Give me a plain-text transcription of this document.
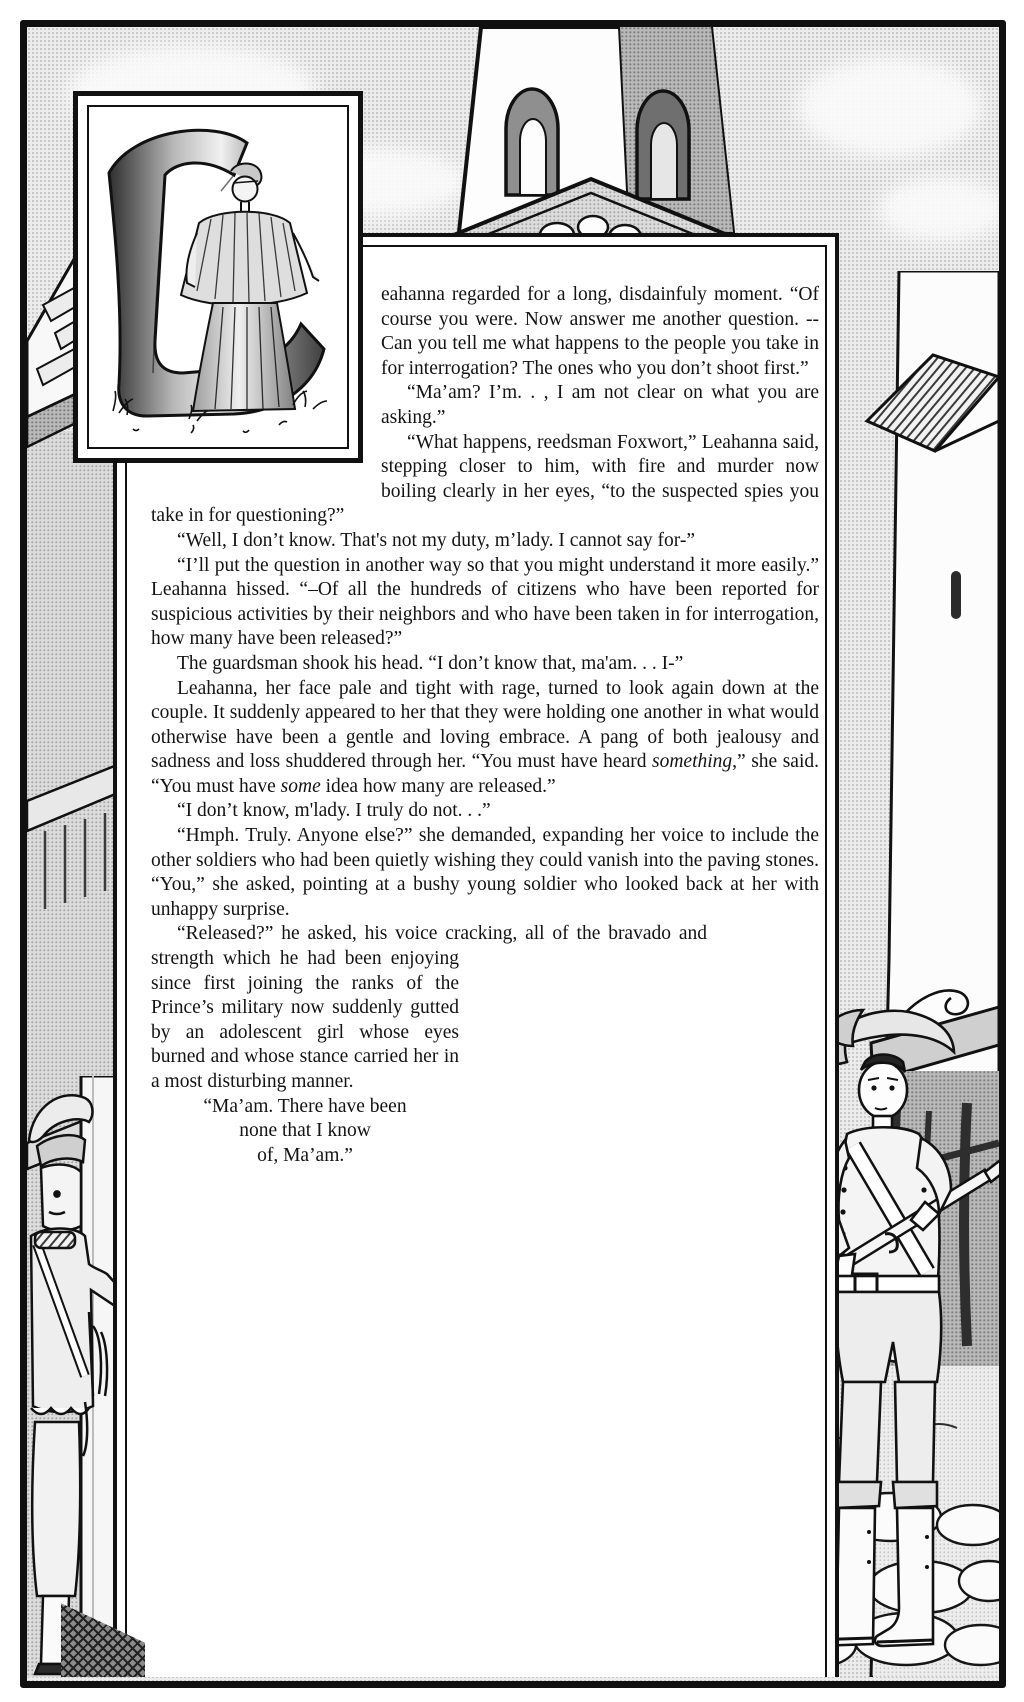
eahanna regarded for a long, disdainfuly moment. “Of course you were. Now answer me another question. --Can you tell me what happens to the people you take in for interrogation? The ones who you don’t shoot first.”

“Ma’am? I’m. . , I am not clear on what you are asking.”

“What happens, reedsman Foxwort,” Leahanna said, stepping closer to him, with fire and murder now boiling clearly in her eyes, “to the suspected spies you take in for questioning?”

“Well, I don’t know. That's not my duty, m’lady. I cannot say for-”

“I’ll put the question in another way so that you might understand it more easily.” Leahanna hissed. “–Of all the hundreds of citizens who have been reported for suspicious activities by their neighbors and who have been taken in for interrogation, how many have been released?”

The guardsman shook his head. “I don’t know that, ma'am. . . I-”

Leahanna, her face pale and tight with rage, turned to look again down at the couple. It suddenly appeared to her that they were holding one another in what would otherwise have been a gentle and loving embrace. A pang of both jealousy and sadness and loss shuddered through her. “You must have heard something,” she said. “You must have some idea how many are released.”

“I don’t know, m'lady. I truly do not. . .”

“Hmph. Truly. Anyone else?” she demanded, expanding her voice to include the other soldiers who had been quietly wishing they could vanish into the paving stones. “You,” she asked, pointing at a bushy young soldier who looked back at her with unhappy surprise.

“Released?” he asked, his voice cracking, all of the bravado and strength which he had been enjoying since first joining the ranks of the Prince’s military now suddenly gutted by an adolescent girl whose eyes burned and whose stance carried her in a most disturbing manner.

“Ma’am. There have been
none that I know
of, Ma’am.”
